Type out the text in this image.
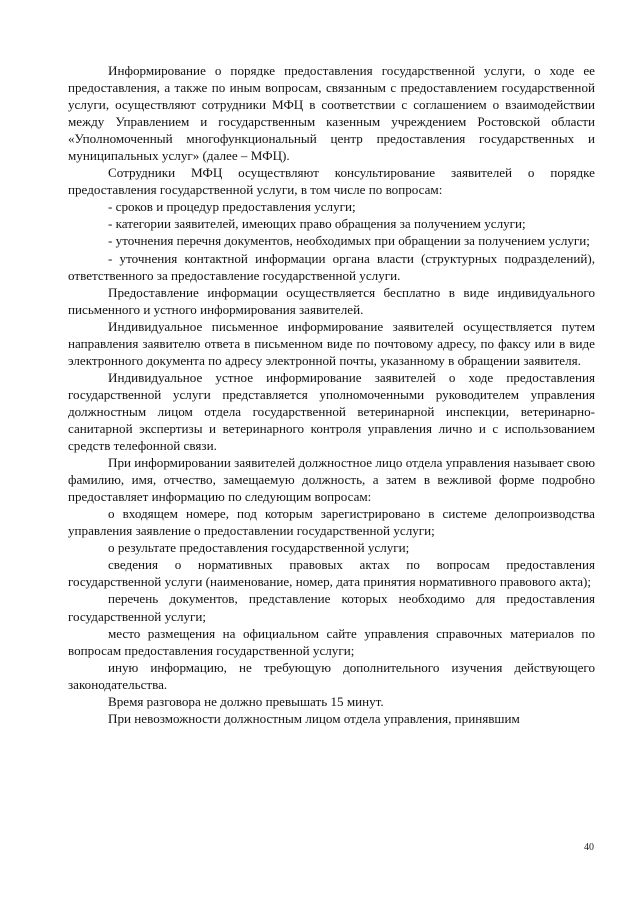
Информирование о порядке предоставления государственной услуги, о ходе ее предоставления, а также по иным вопросам, связанным с предоставлением государственной услуги, осуществляют сотрудники МФЦ в соответствии с соглашением о взаимодействии между Управлением и государственным казенным учреждением Ростовской области «Уполномоченный многофункциональный центр предоставления государственных и муниципальных услуг» (далее – МФЦ).

Сотрудники МФЦ осуществляют консультирование заявителей о порядке предоставления государственной услуги, в том числе по вопросам:

- сроков и процедур предоставления услуги;

- категории заявителей, имеющих право обращения за получением услуги;

- уточнения перечня документов, необходимых при обращении за получением услуги;

- уточнения контактной информации органа власти (структурных подразделений), ответственного за предоставление государственной услуги.

Предоставление информации осуществляется бесплатно в виде индивидуального письменного и устного информирования заявителей.

Индивидуальное письменное информирование заявителей осуществляется путем направления заявителю ответа в письменном виде по почтовому адресу, по факсу или в виде электронного документа по адресу электронной почты, указанному в обращении заявителя.

Индивидуальное устное информирование заявителей о ходе предоставления государственной услуги представляется уполномоченными руководителем управления должностным лицом отдела государственной ветеринарной инспекции, ветеринарно-санитарной экспертизы и ветеринарного контроля управления лично и с использованием средств телефонной связи.

При информировании заявителей должностное лицо отдела управления называет свою фамилию, имя, отчество, замещаемую должность, а затем в вежливой форме подробно предоставляет информацию по следующим вопросам:

о входящем номере, под которым зарегистрировано в системе делопроизводства управления заявление о предоставлении государственной услуги;

о результате предоставления государственной услуги;

сведения о нормативных правовых актах по вопросам предоставления государственной услуги (наименование, номер, дата принятия нормативного правового акта);

перечень документов, представление которых необходимо для предоставления государственной услуги;

место размещения на официальном сайте управления справочных материалов по вопросам предоставления государственной услуги;

иную информацию, не требующую дополнительного изучения действующего законодательства.

Время разговора не должно превышать 15 минут.

При невозможности должностным лицом отдела управления, принявшим

40
